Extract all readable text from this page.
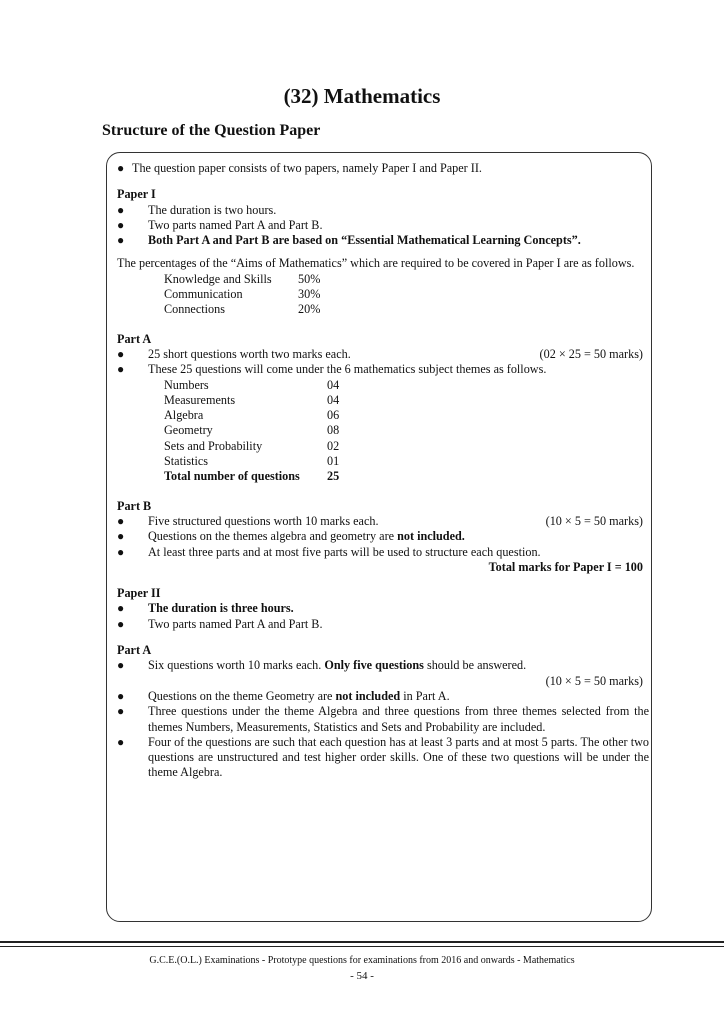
(32) Mathematics
Structure of the Question Paper
● The question paper consists of two papers, namely Paper I and Paper II.
Paper I
● The duration is two hours.
● Two parts named Part A and Part B.
● Both Part A and Part B are based on “Essential Mathematical Learning Concepts”.
The percentages of the “Aims of Mathematics” which are required to be covered in Paper I are as follows.
Knowledge and Skills	50%
Communication	30%
Connections	20%
Part A
● 25 short questions worth two marks each.	(02 × 25 = 50 marks)
● These 25 questions will come under the 6 mathematics subject themes as follows.
Numbers	04
Measurements	04
Algebra	06
Geometry	08
Sets and Probability	02
Statistics	01
Total number of questions	25
Part B
● Five structured questions worth 10 marks each.	(10 × 5 = 50 marks)
● Questions on the themes algebra and geometry are not included.
● At least three parts and at most five parts will be used to structure each question.
Total marks for Paper I = 100
Paper II
● The duration is three hours.
● Two parts named Part A and Part B.
Part A
● Six questions worth 10 marks each. Only five questions should be answered.
(10 × 5 = 50 marks)
● Questions on the theme Geometry are not included in Part A.
● Three questions under the theme Algebra and three questions from three themes selected from the themes Numbers, Measurements, Statistics and Sets and Probability are included.
● Four of the questions are such that each question has at least 3 parts and at most 5 parts. The other two questions are unstructured and test higher order skills. One of these two questions will be under the theme Algebra.
G.C.E.(O.L.) Examinations - Prototype questions for examinations from 2016 and onwards - Mathematics
- 54 -
